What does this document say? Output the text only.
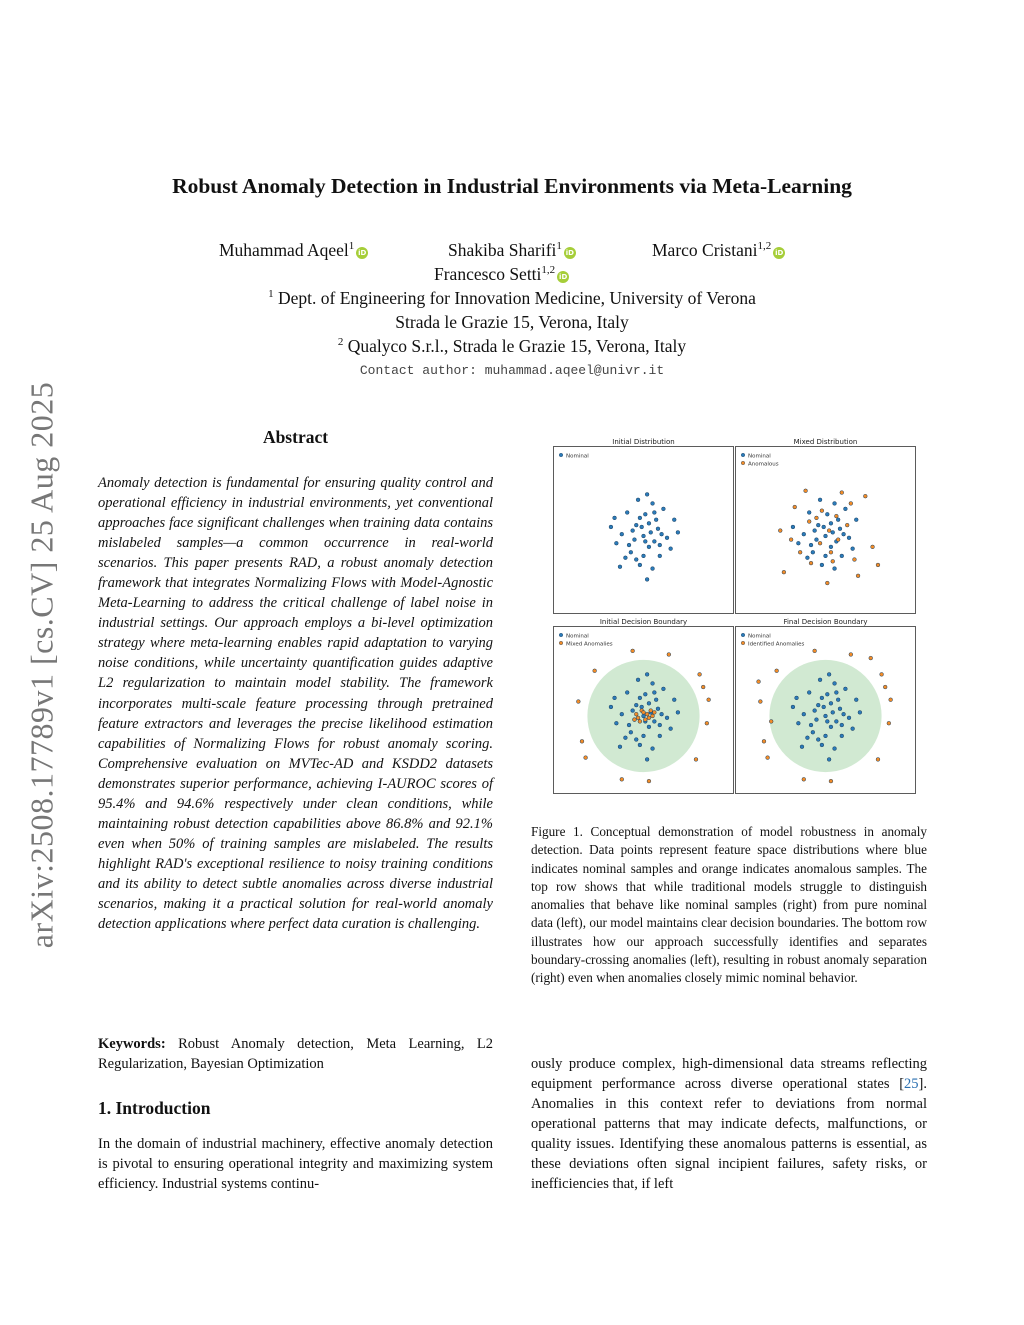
arXiv:2508.17789v1 [cs.CV] 25 Aug 2025
Robust Anomaly Detection in Industrial Environments via Meta-Learning
Muhammad Aqeel$^1$iD	Shakiba Sharifi$^1$iD	Marco Cristani$^{1,2}$iD
Francesco Setti$^{1,2}$iD
$^1$ Dept. of Engineering for Innovation Medicine, University of Verona
Strada le Grazie 15, Verona, Italy
$^2$ Qualyco S.r.l., Strada le Grazie 15, Verona, Italy
Contact author: muhammad.aqeel@univr.it
Abstract
Anomaly detection is fundamental for ensuring quality control and operational efficiency in industrial environments, yet conventional approaches face significant challenges when training data contains mislabeled samples—a common occurrence in real-world scenarios. This paper presents RAD, a robust anomaly detection framework that integrates Normalizing Flows with Model-Agnostic Meta-Learning to address the critical challenge of label noise in industrial settings. Our approach employs a bi-level optimization strategy where meta-learning enables rapid adaptation to varying noise conditions, while uncertainty quantification guides adaptive L2 regularization to maintain model stability. The framework incorporates multi-scale feature processing through pretrained feature extractors and leverages the precise likelihood estimation capabilities of Normalizing Flows for robust anomaly scoring. Comprehensive evaluation on MVTec-AD and KSDD2 datasets demonstrates superior performance, achieving I-AUROC scores of 95.4% and 94.6% respectively under clean conditions, while maintaining robust detection capabilities above 86.8% and 92.1% even when 50% of training samples are mislabeled. The results highlight RAD's exceptional resilience to noisy training conditions and its ability to detect subtle anomalies across diverse industrial scenarios, making it a practical solution for real-world anomaly detection applications where perfect data curation is challenging.
Keywords: Robust Anomaly detection, Meta Learning, L2 Regularization, Bayesian Optimization
1. Introduction
In the domain of industrial machinery, effective anomaly detection is pivotal to ensuring operational integrity and maximizing system efficiency. Industrial systems continu-
Initial Distribution
Nominal
Mixed Distribution
Nominal
Anomalous
Initial Decision Boundary
Nominal
Mixed Anomalies
Final Decision Boundary
Nominal
Identified Anomalies
Figure 1. Conceptual demonstration of model robustness in anomaly detection. Data points represent feature space distributions where blue indicates nominal samples and orange indicates anomalous samples. The top row shows that while traditional models struggle to distinguish anomalies that behave like nominal samples (right) from pure nominal data (left), our model maintains clear decision boundaries. The bottom row illustrates how our approach successfully identifies and separates boundary-crossing anomalies (left), resulting in robust anomaly separation (right) even when anomalies closely mimic nominal behavior.
ously produce complex, high-dimensional data streams reflecting equipment performance across diverse operational states [25]. Anomalies in this context refer to deviations from normal operational patterns that may indicate defects, malfunctions, or quality issues. Identifying these anomalous patterns is essential, as these deviations often signal incipient failures, safety risks, or inefficiencies that, if left
